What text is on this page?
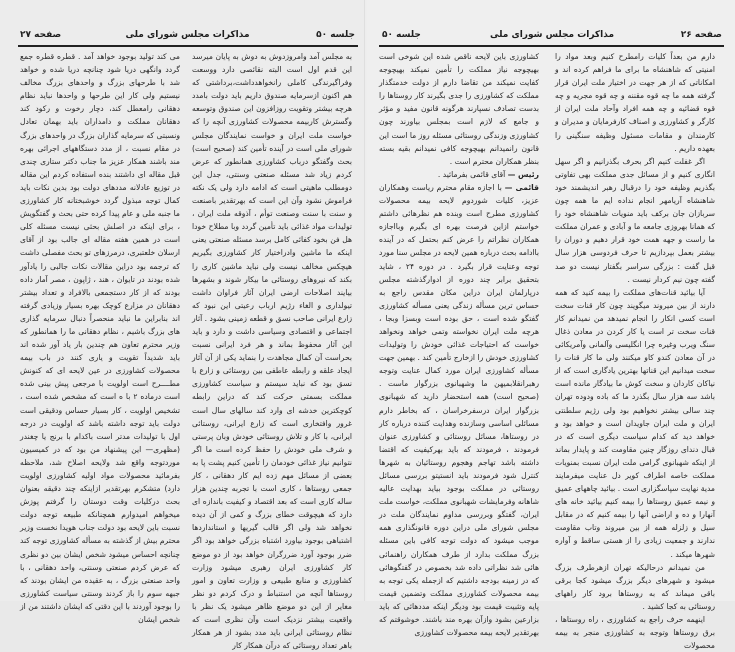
جلسه ۵۰
مذاکرات مجلس شورای ملی
صفحه ۲۷

به مجلس آمد وامروزدوش به دوش به پایان میرسد این قدم اول است البته نقائصی دارد ووسعت وفراگیرندگی کاملی رانخواهدداشت،برداشتی که هم اکنون ازسرمایه صندوق داریم باید دولت بامدد هرچه بیشتر وتقویت روزافزون این صندوق وتوسعه وگسترش کاربیمه محصولات کشاورزی آنچه را که خواست ملت ایران و خواست نمایندگان مجلس شورای ملی است در آینده تأمین کند (صحیح است) بحث وگفتگو درباب کشاورزی همانطور که عرض کردم زیاد شد مسئله صنعتی وسنتی، جدل این دومطلب ماهیتی است که ادامه دارد ولی یک نکته فراموش نشود وآن این است که بهرتقدیر باصنعت و سنت با سنت وصنعت توأم ، آذوقه ملت ایران ، تولیدات مواد غذائی باید تأمین گردد وبا مطلاح خودا هل فن بخود کفائی کامل برسد مسئله صنعتی یعنی اینکه ما ماشین وادراختیار کار کشاورزی بگیریم هیچکس مخالف نیست ولی نباید ماشین کاری را بکند که نیروهای روستائی ما بیکار شوند و بشهرها بیایند اصلاحات ارضی ایران آثار فراوان داشت تیولداری و الغاء رژیم ارباب رعیتی این نبود که زارع ایرانی صاحب نسق و قطعه زمینی بشود . آثار اجتماعی و اقتصادی وسیاسی داشت و دارد و باید این آثار محفوظ بماند و هر فرد ایرانی نسبت بحراست آن کمال مجاهدت را بنماید یکی از آن آثار ایجاد علقه و رابطه عاطفی بین روستائی و زارع با نسق بود که نباید سیستم و سیاست کشاورزی مملکت بسمتی حرکت کند که دراین رابطه کوچکترین خدشه ای وارد کند سالهای سال است غرور وافتخاری است که زارع ایرانی، روستائی ایرانی، با کار و تلاش روستائی خودش وبان پرستی و شرف ملی خودش را حفظ کرده است ما اگر نتوانیم نیاز غذائی خودمان را تأمین کنیم پشت پا به بعضی از مسائل مهم زده ایم کار دهقانی ، کار جمعی روستاها ، کاری است با تجربه چندین هزار ساله کاری است که بعد اقتصاد و کیفیت باندازه ای دارد که هیچوقت خطای بزرگ و کمی از آن دیده نخواهد شد ولی اگر قالب گیریها و استانداردها اشتباهی بوجود بیاورد اشتباه بزرگی خواهد بود اگر ضرر بوجود آورد ضررگران خواهد بود از دو موضع کار کشاورزی ایران رهبری میشود وزارت کشاورزی و منابع طبیعی و وزارت تعاون و امور روستاها آنچه من استنباط و درک کردم دو نظر مغایر از این دو موضع ظاهر میشود یک نظر با واقعیت بیشتر نزدیک است وآن نظری است که نظام روستائی ایرانی باید مدد بشود از هر همکار باهر تعداد روستائی که درآن همکار کار

می کند تولید بوجود خواهد آمد . قطره قطره جمع گردد وانگهی دریا شود چنانچه دریا شده و خواهد شد با طرحهای بزرگ و واحدهای بزرگ مخالف نیستیم ولی کار این طرحها و واحدها نباید نظام دهقانی رامعطل کند، دچار رخوت و رکود کند دهقانان مملکت و دامداران باید بهمان تعادل ونسبتی که سرمایه گذاران بزرگ در واحدهای بزرگ در مقام نسبت ، از مدد دستگاههای اجرائی بهره مند باشند همکار عزیز ما جناب دکتر ستاری چندی قبل مقاله ای داشتند بنده استفاده کردم این مقاله در توزیع عادلانه مددهای دولت بود بدین نکات باید کمال توجه مبذول گردد خوشبختانه کار کشاورزی ما جنبه ملی و عام پیدا کرده حتی بحث و گفتگویش ، برای اینکه در اصلش بحثی نیست مسئله کلی است در همین هفته مقاله ای جالب بود از آقای ارسلان خلعتبری، درمرزهای تو بحث مفصلی داشت که ترجمه بود دراین مقالات نکات جالبی را یادآور شده بودند در تایوان ، هند ، ژاپون ، مصر آمار داده بودند که از کار دستجمعی بالافراد و تعداد بیشتر دهقانان در مزارع کوچک بهره بسیار وزیادی گرفته اند بنابراین ما نباید منحصراً دنبال سرمایه گذاری های بزرگ باشیم ، نظام دهقانی ما را همانطور که وزیر محترم تعاون هم چندین بار یاد آور شده اند باید شدیداً تقویت و یاری کنند در باب بیمه محصولات کشاورزی در عین لایحه ای که کنونش مطــــرح است اولویت با مرجعی پیش بینی شده است درماده ۲ با ه است که مشخص شده است ، تشخیص اولویت ، کار بسیار حساس ودقیقی است دولت باید توجه داشته باشد که اولویت در درجه اول با تولیدات مدتر است باکدام با برنج یا چغندر (مظهری— این پیشنهاد من بود که در کمیسیون موردتوجه واقع شد ولایحه اصلاح شد، ملاحظه بفرمائید محصولات مواد اولیه کشاورزی اولویت دارد) متشکرم بهرتقدیر ازاینکه چند دقیقه بعنوان بحث درکلیات وقت دوستان را گرفتم پوزش میخواهم امیدوارم همچنانکه طبیعه توجه دولت نسبت باین لایحه بود دولت جناب هویدا نخست وزیر محترم بیش از گذشته به مسأله کشاورزی توجه کند چنانچه احساس میشود شخص ایشان بین دو نظری که عرض کردم صنعتی وسنتی، واحد دهقانی ، با واحد صنعتی بزرگ ، به عقیده من ایشان بودند که جبهه سوم را باز کردند وسنتی سیاست کشاورزی را بوجود آوردند با این دقتی که ایشان داشتند من از شخص ایشان

صفحه ۲۶
مذاکرات مجلس شورای ملی
جلسه ۵۰

دارم من بعداً کلیات رامطرح کنیم وبعد مواد را امنیتی که شاهنشاه ما برای ما فراهم کرده اند و امکاناتی که از هر جهت در اختیار ملت ایران قرار گرفته همه ما چه قوه مقننه و چه قوه مجریه و چه قوه قضائیه و چه همه افراد وآحاد ملت ایران از کارگر و کشاورزی و اصناف کارفرمایان و مدیران و کارمندان و مقامات مسئول وظیفه سنگینی را بعهده داریم .

اگر غفلت کنیم اگر بحرف بگذرانیم و اگر سهل انگاری کنیم و از مسائل جدی مملکت بهی تفاوتی بگذریم وظیفه خود را درقبال رهبر اندیشمند خود شاهنشاه آریامهر انجام نداده ایم ما همه چون سربازان جان برکف باید منویات شاهنشاه خود را که همانا بهروزی جامعه ما و آبادی و عمران مملکت ما راست و جهه همت خود قرار دهیم و دوران را بیشتر بعمل بپردازیم تا حرف فردوسی هزار سال قبل گفت : بزرگی سراسر بگفتار نیست دو صد گفته چون نیم کردار نیست .

آیا بیائید قنات‌های مملکت را بیمه کنید که همه دارند از بین میروند میگویند چون کار قنات سخت است کسی انکار را انجام نمیدهد من نمیدانم کار قنات سخت تر است یا کار کردن در معادن ذغال سنگ ویرب وغیره چرا انگلیسی وآلمانی وآمریکائی در آن معادن کندو کاو میکنند ولی ما کار قنات را سخت میدانیم این قناتها بهترین یادگاری است که از نیاکان کاردان و سخت کوش ما بیادگار مانده است باشد سه هزار سال بگذرد ما که باده ودوده تهران چند سالی بیشتر نخواهیم بود ولی رژیم سلطنتی ایران و ملت ایران جاویدان است و خواهد بود و خواهد دید که کدام سیاست دیگری است که در قبال دندای روزگار چنین مقاومت کند و پایدار بماند از اینکه شهبانوی گرامی ملت ایران نسبت بمنویات مملکت خاصه اطراف کویر دل عنایت میفرمایند مدیة نهایت سپاسگزاری است . بیائید چاههای عمیق و نیمه عمیق روستاها را بیمه کنیم بیائید خانه های آنهارا و ده و اراضی آنها را بیمه کنیم که در مقابل سیل و زلزله همه از بین میروند وتاب مقاومت ندارند و جمعیت زیادی را از هستی ساقط و آواره شهرها میکند .

من نمیدانم درحالیکه تهران ازهرطرف بزرگ میشود و شهرهای دیگر بزرگ میشود کجا برقی باقی میماند که به روستاها برود کار راههای روستائی به کجا کشید .

اینهمه حرف راجع به کشاورزی ، راه روستاها ، برق روستاها وتوجه به کشاورزی منجر به بیمه محصولات

کشاورزی باین لایحه ناقص شده این شوخی است بهیچوجه نیاز مملکت را تأمین نمیکند بهیچوجه کفایت نمیکند من تقاضا دارم از دولت خدمتگذار مملکت که کشاورزی را جدی بگیرند کار روستاها را بدست تصادف نسپارند هرگونه قانون مفید و مؤثر و جامع که لازم است بمجلس بیاورند چون کشاورزی وزندگی روستائی مسئله روز ما است این قانون رانمیدانم بهیچوجه کافی نمیدانم بقیه بسته بنظر همکاران محترم است .

رئیس — آقای قائمی بفرمائید .

قائمی — با اجازه مقام محترم ریاست وهمکاران عزیز، کلیات شوردوم لایحه بیمه محصولات کشاورزی مطرح است وبنده هم نظرهائی داشتم خواستم ازاین فرصت بهره ای بگیرم وبااجازه همکاران نظراتم را عرض کنم بحتمل که در آینده باادامه بحث درباره همین لایحه در مجلس سنا مورد توجه وعنایت قرار بگیرد . در دوره ۲۴ ، شاید بتحقیق برابر چند دوره از ادوارگذشته مجلس درپارلمان ایران دراین مکان مقدس راجع به حساس ترین مسأله زندگی یعنی مسأله کشاورزی گفتگو شده است ، حق بوده است وبسزا وبجا ، هرچه ملت ایران نخواسته وتمی خواهد ونخواهد خواست که احتیاجات غذائی خودش را وتولیدات کشاورزی خودش را ازخارج تأمین کند . بهمین جهت مسأله کشاورزی ایران مورد کمال عنایت وتوجه رهبرانقلابمیهن ما وشهبانوی بزرگوار ماست . (صحیح است) همه استحضار دارید که شهبانوی بزرگوار ایران درسفرخراسان ، که بخاطر دارم مسائلی اساسی وسازنده وهدایت کننده درباره کار در روستاها، مسائل روستائی و کشاورزی عنوان فرمودند ، فرمودند که باید بهرکیفیت که اقتضا داشته باشد تهاجم وهجوم روستائیان به شهرها کنترل شود فرمودند باید انستیتو بررسی مسائل روستائی در مملکت بوجود بیاید بهدایت عالیه شاهانه وفرمایشات شهبانوی مملکت، خواست ملت ایران، گفتگو وبررسی مداوم نمایندگان ملت در مجلس شورای ملی دراین دوره قانونگذاری همه موجب میشود که دولت توجه کافی باین مسئله بزرگ مملکت بدارد از طرف همکاران راهنمائی هائی شد نظراتی داده شد بخصوص در گفتگوهائی که در زمینه بودجه داشتیم که ازجمله یکی توجه به بیمه محصولات کشاورزی مملکت وتضمین قیمت پایه وتثبیت قیمت بود ودیگر اینکه مددهائی که باید بزارعین بشود وازآن بهره مند باشند. خوشوقتم که بهرتقدیر لایحه بیمه محصولات کشاورزی
